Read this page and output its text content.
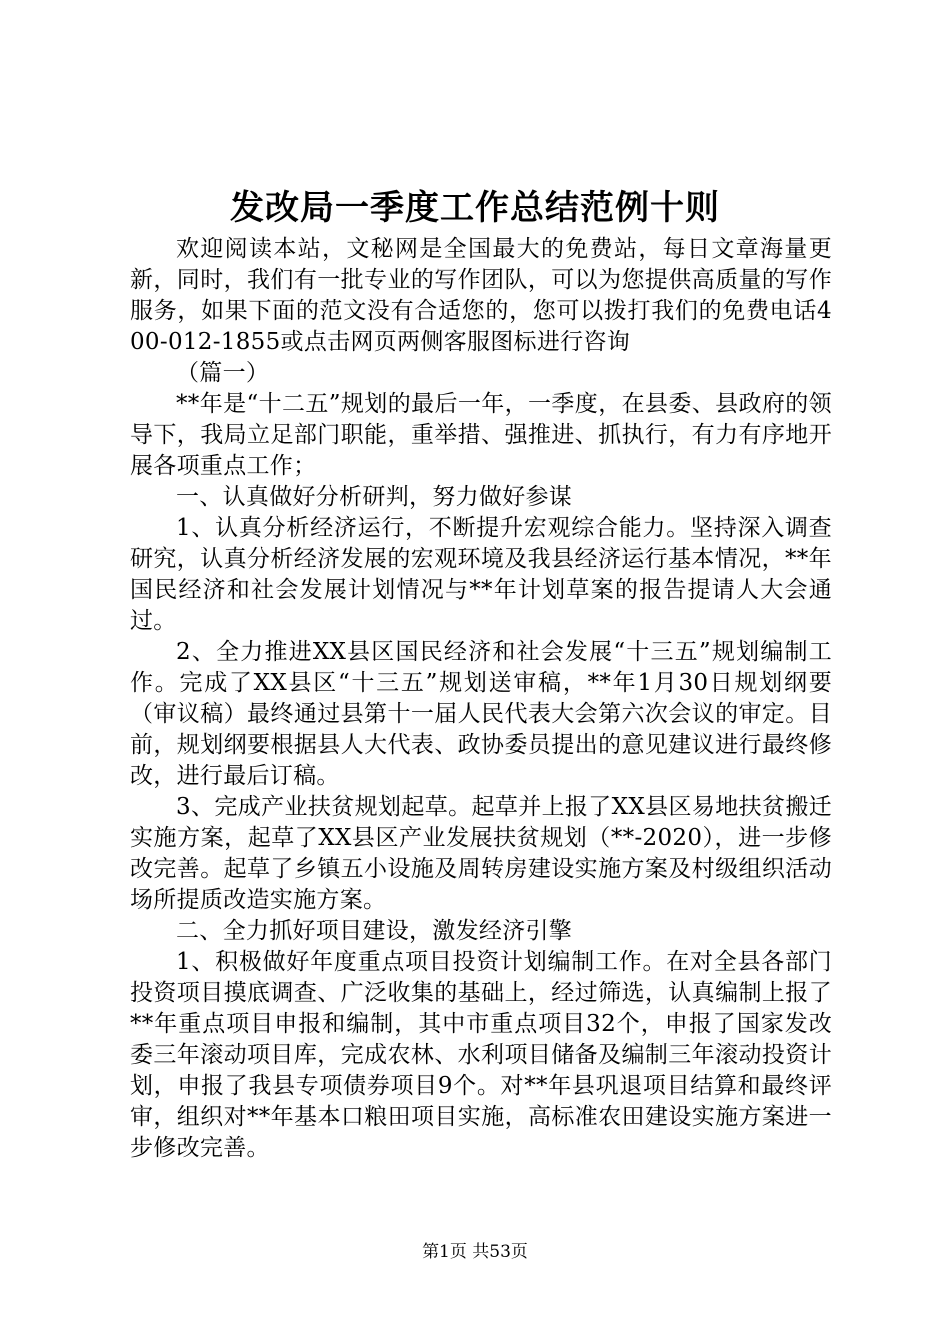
发改局一季度工作总结范例十则

欢迎阅读本站，文秘网是全国最大的免费站，每日文章海量更新，同时，我们有一批专业的写作团队，可以为您提供高质量的写作服务，如果下面的范文没有合适您的，您可以拨打我们的免费电话400-012-1855或点击网页两侧客服图标进行咨询

（篇一）

**年是“十二五”规划的最后一年，一季度，在县委、县政府的领导下，我局立足部门职能，重举措、强推进、抓执行，有力有序地开展各项重点工作；

一、认真做好分析研判，努力做好参谋

1、认真分析经济运行，不断提升宏观综合能力。坚持深入调查研究，认真分析经济发展的宏观环境及我县经济运行基本情况，**年国民经济和社会发展计划情况与**年计划草案的报告提请人大会通过。

2、全力推进XX县区国民经济和社会发展“十三五”规划编制工作。完成了XX县区“十三五”规划送审稿，**年1月30日规划纲要（审议稿）最终通过县第十一届人民代表大会第六次会议的审定。目前，规划纲要根据县人大代表、政协委员提出的意见建议进行最终修改，进行最后订稿。

3、完成产业扶贫规划起草。起草并上报了XX县区易地扶贫搬迁实施方案，起草了XX县区产业发展扶贫规划（**-2020），进一步修改完善。起草了乡镇五小设施及周转房建设实施方案及村级组织活动场所提质改造实施方案。

二、全力抓好项目建设，激发经济引擎

1、积极做好年度重点项目投资计划编制工作。在对全县各部门投资项目摸底调查、广泛收集的基础上，经过筛选，认真编制上报了**年重点项目申报和编制，其中市重点项目32个，申报了国家发改委三年滚动项目库，完成农林、水利项目储备及编制三年滚动投资计划，申报了我县专项债券项目9个。对**年县巩退项目结算和最终评审，组织对**年基本口粮田项目实施，高标准农田建设实施方案进一步修改完善。

第1页 共53页
